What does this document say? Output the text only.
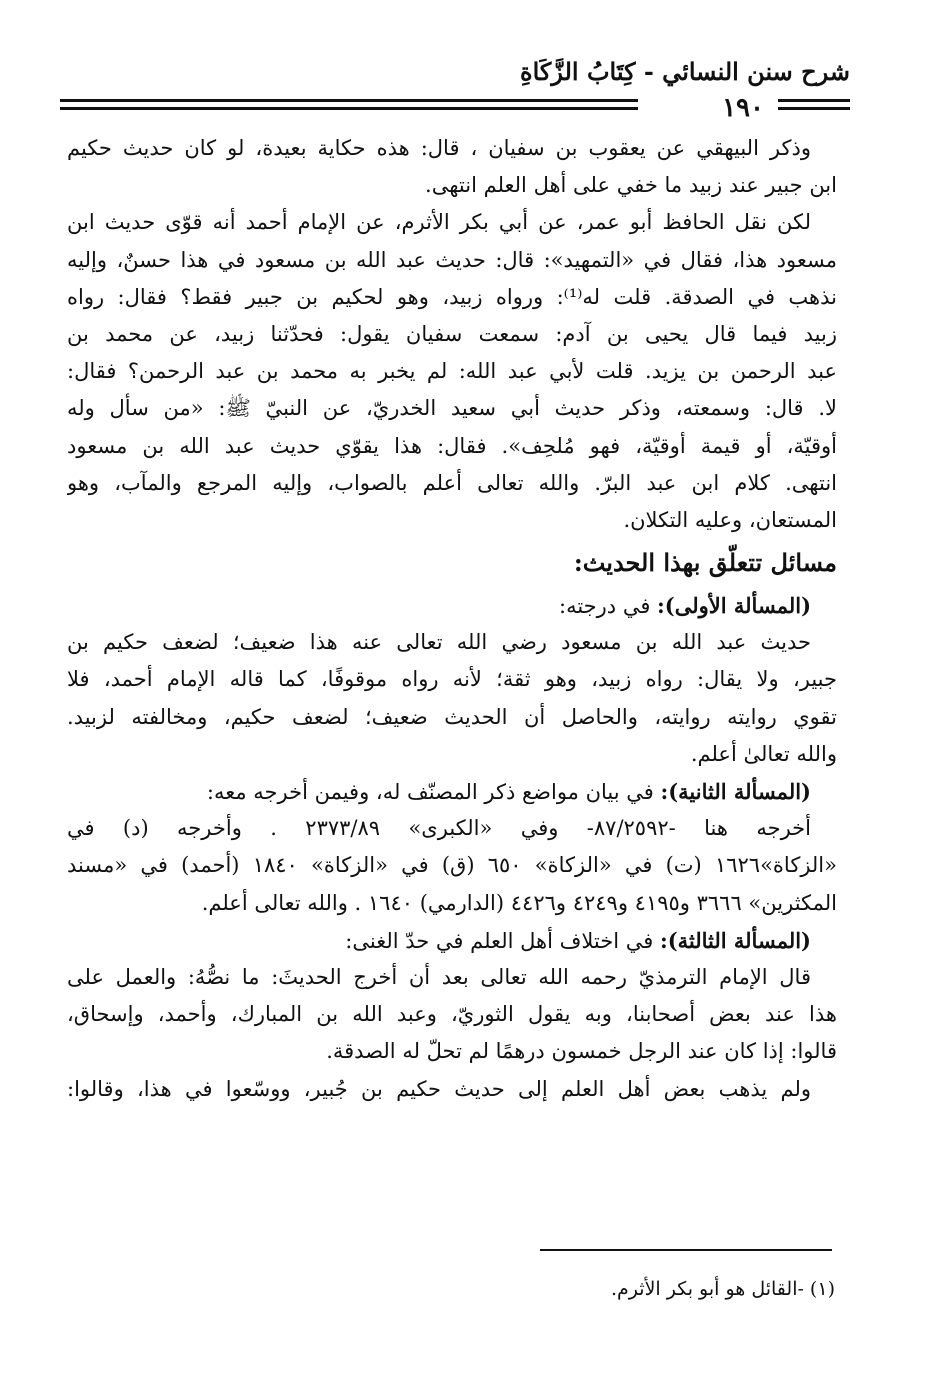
شرح سنن النسائي - كِتَابُ الزَّكَاةِ
١٩٠
وذكر البيهقي عن يعقوب بن سفيان ، قال: هذه حكاية بعيدة، لو كان حديث حكيم
ابن جبير عند زبيد ما خفي على أهل العلم انتهى.
لكن نقل الحافظ أبو عمر، عن أبي بكر الأثرم، عن الإمام أحمد أنه قوّى حديث ابن
مسعود هذا، فقال في «التمهيد»: قال: حديث عبد الله بن مسعود في هذا حسنٌ، وإليه
نذهب في الصدقة. قلت له⁽¹⁾: ورواه زبيد، وهو لحكيم بن جبير فقط؟ فقال: رواه
زبيد فيما قال يحيى بن آدم: سمعت سفيان يقول: فحدّثنا زبيد، عن محمد بن
عبد الرحمن بن يزيد. قلت لأبي عبد الله: لم يخبر به محمد بن عبد الرحمن؟ فقال:
لا. قال: وسمعته، وذكر حديث أبي سعيد الخدريّ، عن النبيّ ﷺ: «من سأل وله
أوقيّة، أو قيمة أوقيّة، فهو مُلحِف». فقال: هذا يقوّي حديث عبد الله بن مسعود
انتهى. كلام ابن عبد البرّ. والله تعالى أعلم بالصواب، وإليه المرجع والمآب، وهو
المستعان، وعليه التكلان.
مسائل تتعلّق بهذا الحديث:
(المسألة الأولى): في درجته:
حديث عبد الله بن مسعود رضي الله تعالى عنه هذا ضعيف؛ لضعف حكيم بن
جبير، ولا يقال: رواه زبيد، وهو ثقة؛ لأنه رواه موقوفًا، كما قاله الإمام أحمد، فلا
تقوي روايته روايته، والحاصل أن الحديث ضعيف؛ لضعف حكيم، ومخالفته لزبيد.
والله تعالىٰ أعلم.
(المسألة الثانية): في بيان مواضع ذكر المصنّف له، وفيمن أخرجه معه:
أخرجه هنا -٨٧/٢٥٩٢- وفي «الكبرى» ٢٣٧٣/٨٩ . وأخرجه (د) في
«الزكاة»١٦٢٦ (ت) في «الزكاة» ٦٥٠ (ق) في «الزكاة» ١٨٤٠ (أحمد) في «مسند
المكثرين» ٣٦٦٦ و٤١٩٥ و٤٢٤٩ و٤٤٢٦ (الدارمي) ١٦٤٠ . والله تعالى أعلم.
(المسألة الثالثة): في اختلاف أهل العلم في حدّ الغنى:
قال الإمام الترمذيّ رحمه الله تعالى بعد أن أخرج الحديثَ: ما نصُّهُ: والعمل على
هذا عند بعض أصحابنا، وبه يقول الثوريّ، وعبد الله بن المبارك، وأحمد، وإسحاق،
قالوا: إذا كان عند الرجل خمسون درهمًا لم تحلّ له الصدقة.
ولم يذهب بعض أهل العلم إلى حديث حكيم بن جُبير، ووسّعوا في هذا، وقالوا:
(١) -القائل هو أبو بكر الأثرم.
